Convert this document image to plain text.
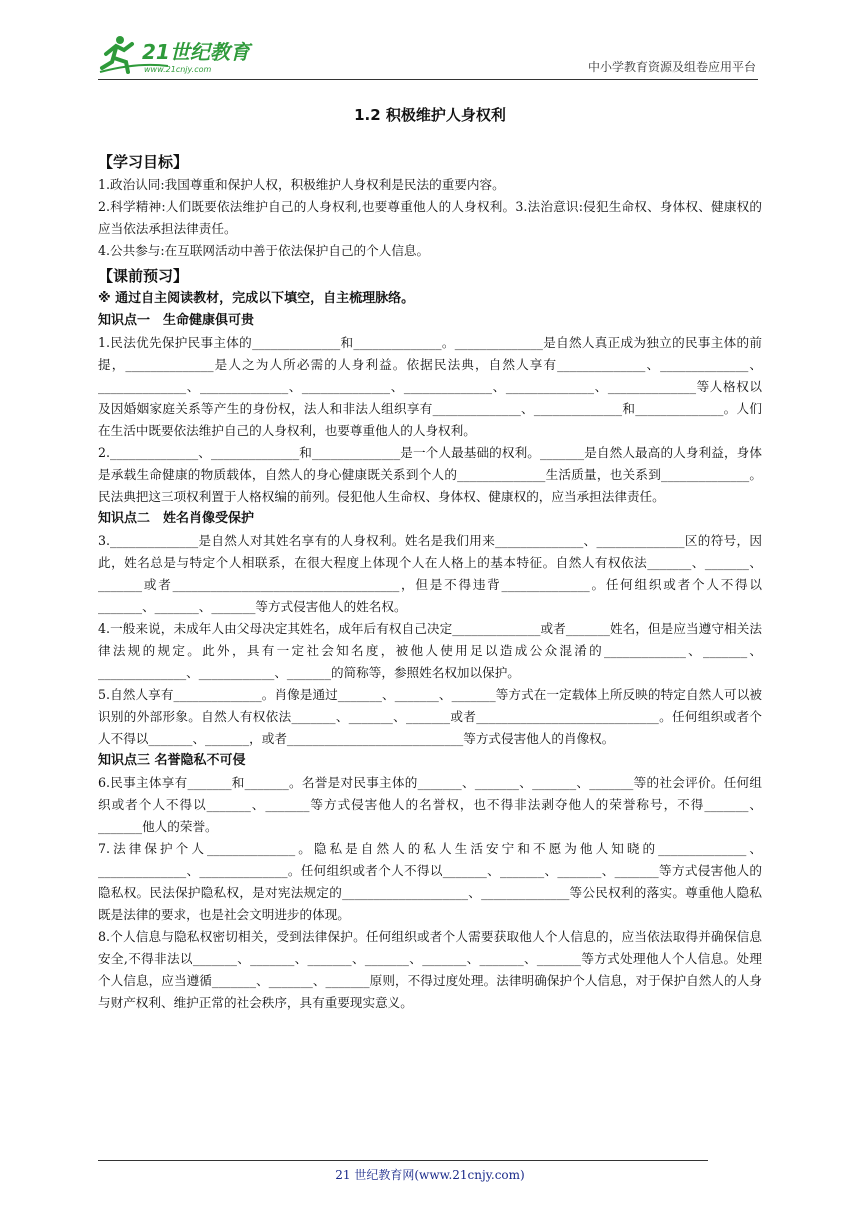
21世纪教育
www.21cnjy.com	中小学教育资源及组卷应用平台
1.2 积极维护人身权利
【学习目标】

1.政治认同:我国尊重和保护人权，积极维护人身权利是民法的重要内容。

2.科学精神:人们既要依法维护自己的人身权利,也要尊重他人的人身权利。3.法治意识:侵犯生命权、身体权、健康权的应当依法承担法律责任。

4.公共参与:在互联网活动中善于依法保护自己的个人信息。

【课前预习】
※ 通过自主阅读教材，完成以下填空，自主梳理脉络。
知识点一　生命健康俱可贵

1.民法优先保护民事主体的______________和______________。______________是自然人真正成为独立的民事主体的前提，______________是人之为人所必需的人身利益。依据民法典，自然人享有______________、______________、______________、______________、______________、______________、______________、______________等人格权以及因婚姻家庭关系等产生的身份权，法人和非法人组织享有______________、______________和______________。人们在生活中既要依法维护自己的人身权利，也要尊重他人的人身权利。

2.______________、______________和______________是一个人最基础的权利。_______是自然人最高的人身利益，身体是承载生命健康的物质载体，自然人的身心健康既关系到个人的______________生活质量，也关系到______________。民法典把这三项权利置于人格权编的前列。侵犯他人生命权、身体权、健康权的，应当承担法律责任。

知识点二　姓名肖像受保护

3.______________是自然人对其姓名享有的人身权利。姓名是我们用来______________、______________区的符号，因此，姓名总是与特定个人相联系，在很大程度上体现个人在人格上的基本特征。自然人有权依法_______、_______、_______或者____________________________________，但是不得违背______________。任何组织或者个人不得以_______、_______、_______等方式侵害他人的姓名权。

4.一般来说，未成年人由父母决定其姓名，成年后有权自己决定______________或者_______姓名，但是应当遵守相关法律法规的规定。此外，具有一定社会知名度，被他人使用足以造成公众混淆的_____________、_______、______________、____________、_______的简称等，参照姓名权加以保护。

5.自然人享有______________。肖像是通过_______、_______、_______等方式在一定载体上所反映的特定自然人可以被识别的外部形象。自然人有权依法_______、_______、_______或者_____________________________。任何组织或者个人不得以_______、_______，或者____________________________等方式侵害他人的肖像权。

知识点三 名誉隐私不可侵

6.民事主体享有_______和_______。名誉是对民事主体的_______、_______、_______、_______等的社会评价。任何组织或者个人不得以_______、_______等方式侵害他人的名誉权，也不得非法剥夺他人的荣誉称号，不得_______、_______他人的荣誉。

7.法律保护个人______________。隐私是自然人的私人生活安宁和不愿为他人知晓的______________、______________、______________。任何组织或者个人不得以_______、_______、_______、_______等方式侵害他人的隐私权。民法保护隐私权，是对宪法规定的____________________、______________等公民权利的落实。尊重他人隐私既是法律的要求，也是社会文明进步的体现。

8.个人信息与隐私权密切相关，受到法律保护。任何组织或者个人需要获取他人个人信息的，应当依法取得并确保信息安全,不得非法以_______、_______、_______、_______、_______、_______、_______等方式处理他人个人信息。处理个人信息，应当遵循_______、_______、_______原则，不得过度处理。法律明确保护个人信息，对于保护自然人的人身与财产权利、维护正常的社会秩序，具有重要现实意义。

21 世纪教育网(www.21cnjy.com)
